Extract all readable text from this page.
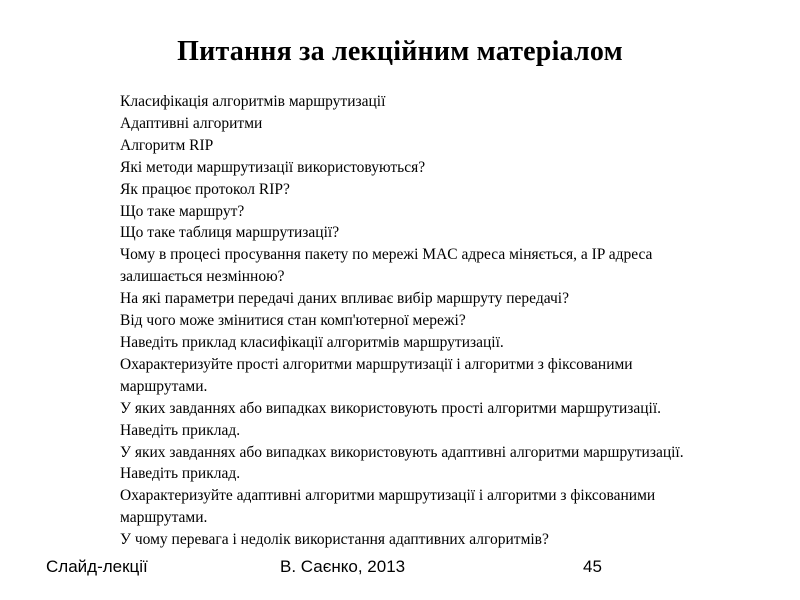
Питання за лекційним матеріалом
Класифікація алгоритмів маршрутизації
Адаптивні алгоритми
Алгоритм RIP
Які методи маршрутизації використовуються?
Як працює протокол RIP?
Що таке маршрут?
Що таке таблиця маршрутизації?
Чому в процесі просування пакету по мережі MAC адреса міняється, а IP адреса
залишається незмінною?
На які параметри передачі даних впливає вибір маршруту передачі?
Від чого може змінитися стан комп'ютерної мережі?
Наведіть приклад класифікації алгоритмів маршрутизації.
Охарактеризуйте прості алгоритми маршрутизації і алгоритми з фіксованими
маршрутами.
У яких завданнях або випадках використовують прості алгоритми маршрутизації.
Наведіть приклад.
У яких завданнях або випадках використовують адаптивні алгоритми маршрутизації.
Наведіть приклад.
Охарактеризуйте адаптивні алгоритми маршрутизації і алгоритми з фіксованими
маршрутами.
У чому перевага і недолік використання адаптивних алгоритмів?
Слайд-лекції	В. Саєнко, 2013	45
